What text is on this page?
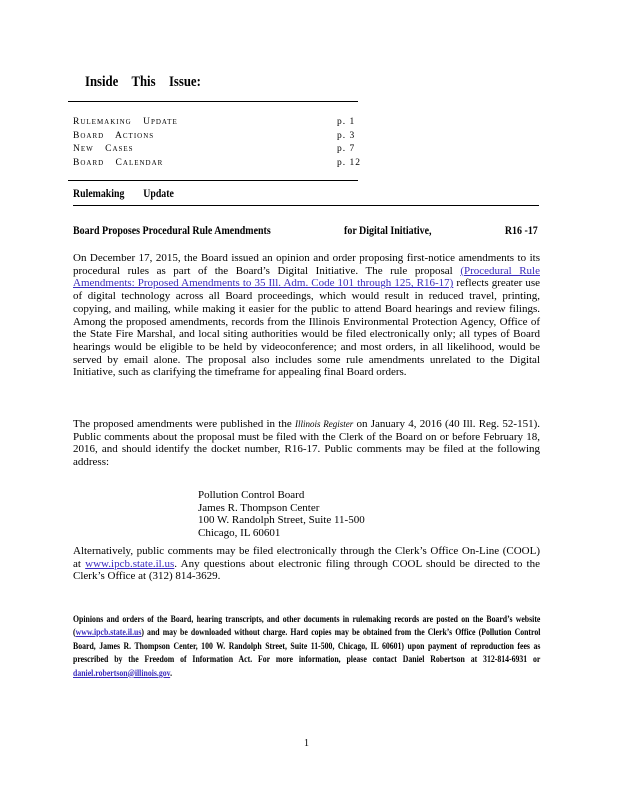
Inside This Issue:
Rulemaking Update	p. 1
Board Actions	p. 3
New Cases	p. 7
Board Calendar	p. 12
Rulemaking Update
Board Proposes Procedural Rule Amendments	for Digital Initiative,	R16 -17
On December 17, 2015, the Board issued an opinion and order proposing first-notice amendments to its procedural rules as part of the Board’s Digital Initiative. The rule proposal (Procedural Rule Amendments: Proposed Amendments to 35 Ill. Adm. Code 101 through 125, R16-17) reflects greater use of digital technology across all Board proceedings, which would result in reduced travel, printing, copying, and mailing, while making it easier for the public to attend Board hearings and review filings. Among the proposed amendments, records from the Illinois Environmental Protection Agency, Office of the State Fire Marshal, and local siting authorities would be filed electronically only; all types of Board hearings would be eligible to be held by videoconference; and most orders, in all likelihood, would be served by email alone. The proposal also includes some rule amendments unrelated to the Digital Initiative, such as clarifying the timeframe for appealing final Board orders.
The proposed amendments were published in the Illinois Register on January 4, 2016 (40 Ill. Reg. 52-151). Public comments about the proposal must be filed with the Clerk of the Board on or before February 18, 2016, and should identify the docket number, R16-17. Public comments may be filed at the following address:
Pollution Control Board
James R. Thompson Center
100 W. Randolph Street, Suite 11-500
Chicago, IL 60601
Alternatively, public comments may be filed electronically through the Clerk’s Office On-Line (COOL) at www.ipcb.state.il.us. Any questions about electronic filing through COOL should be directed to the Clerk’s Office at (312) 814-3629.
Opinions and orders of the Board, hearing transcripts, and other documents in rulemaking records are posted on the Board’s website (www.ipcb.state.il.us) and may be downloaded without charge. Hard copies may be obtained from the Clerk’s Office (Pollution Control Board, James R. Thompson Center, 100 W. Randolph Street, Suite 11-500, Chicago, IL 60601) upon payment of reproduction fees as prescribed by the Freedom of Information Act. For more information, please contact Daniel Robertson at 312-814-6931 or daniel.robertson@illinois.gov.
1
